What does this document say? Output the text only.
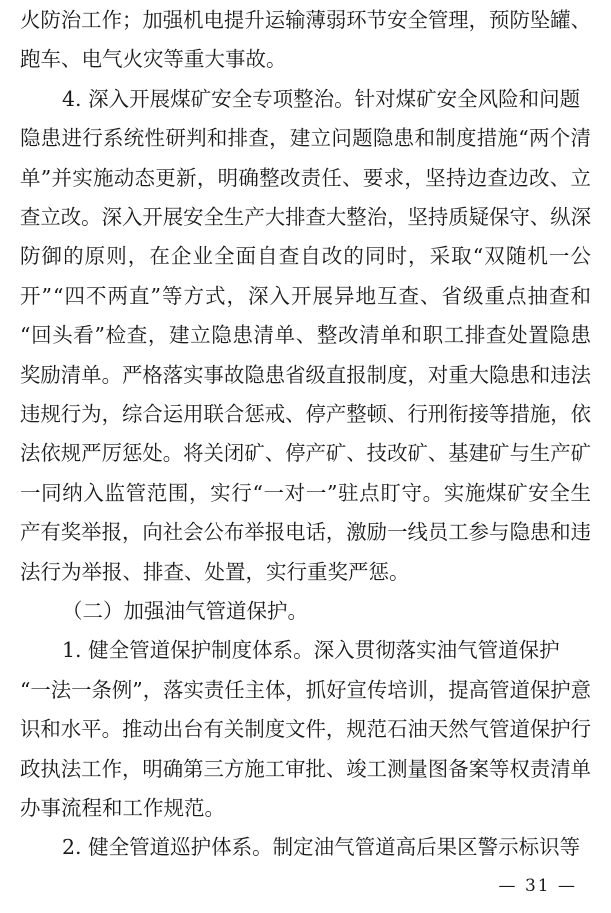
火防治工作；加强机电提升运输薄弱环节安全管理，预防坠罐、
跑车、电气火灾等重大事故。
4. 深入开展煤矿安全专项整治。针对煤矿安全风险和问题
隐患进行系统性研判和排查，建立问题隐患和制度措施“两个清
单”并实施动态更新，明确整改责任、要求，坚持边查边改、立
查立改。深入开展安全生产大排查大整治，坚持质疑保守、纵深
防御的原则，在企业全面自查自改的同时，采取“双随机一公
开”“四不两直”等方式，深入开展异地互查、省级重点抽查和
“回头看”检查，建立隐患清单、整改清单和职工排查处置隐患
奖励清单。严格落实事故隐患省级直报制度，对重大隐患和违法
违规行为，综合运用联合惩戒、停产整顿、行刑衔接等措施，依
法依规严厉惩处。将关闭矿、停产矿、技改矿、基建矿与生产矿
一同纳入监管范围，实行“一对一”驻点盯守。实施煤矿安全生
产有奖举报，向社会公布举报电话，激励一线员工参与隐患和违
法行为举报、排查、处置，实行重奖严惩。
（二）加强油气管道保护。
1. 健全管道保护制度体系。深入贯彻落实油气管道保护
“一法一条例”，落实责任主体，抓好宣传培训，提高管道保护意
识和水平。推动出台有关制度文件，规范石油天然气管道保护行
政执法工作，明确第三方施工审批、竣工测量图备案等权责清单
办事流程和工作规范。
2. 健全管道巡护体系。制定油气管道高后果区警示标识等
— 31 —
